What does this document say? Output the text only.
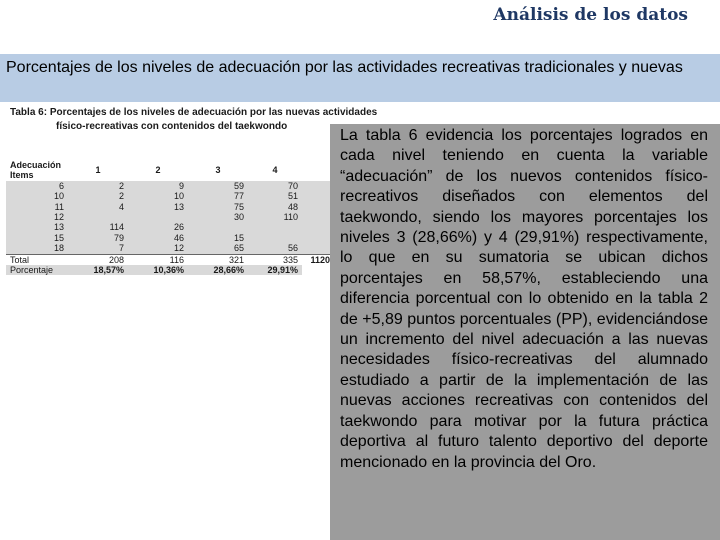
Análisis de los datos
Porcentajes de los niveles de adecuación por las actividades recreativas tradicionales y nuevas
Tabla 6: Porcentajes de los niveles de adecuación por las nuevas actividades
físico-recreativas con contenidos del taekwondo
Adecuación
Items	1	2	3	4	
6	2	9	59	70	
10	2	10	77	51	
11	4	13	75	48	
12			30	110	
13	114	26			
15	79	46	15		
18	7	12	65	56	
Total	208	116	321	335	1120
Porcentaje	18,57%	10,36%	28,66%	29,91%	
La tabla 6 evidencia los porcentajes logrados en cada nivel teniendo en cuenta la variable “adecuación” de los nuevos contenidos físico-recreativos diseñados con elementos del taekwondo, siendo los mayores porcentajes los niveles 3 (28,66%) y 4 (29,91%) respectivamente, lo que en su sumatoria se ubican dichos porcentajes en 58,57%, estableciendo una diferencia porcentual con lo obtenido en la tabla 2 de +5,89 puntos porcentuales (PP), evidenciándose un incremento del nivel adecuación a las nuevas necesidades físico-recreativas del alumnado estudiado a partir de la implementación de las nuevas acciones recreativas con contenidos del taekwondo para motivar por la futura práctica deportiva al futuro talento deportivo del deporte mencionado en la provincia del Oro.
